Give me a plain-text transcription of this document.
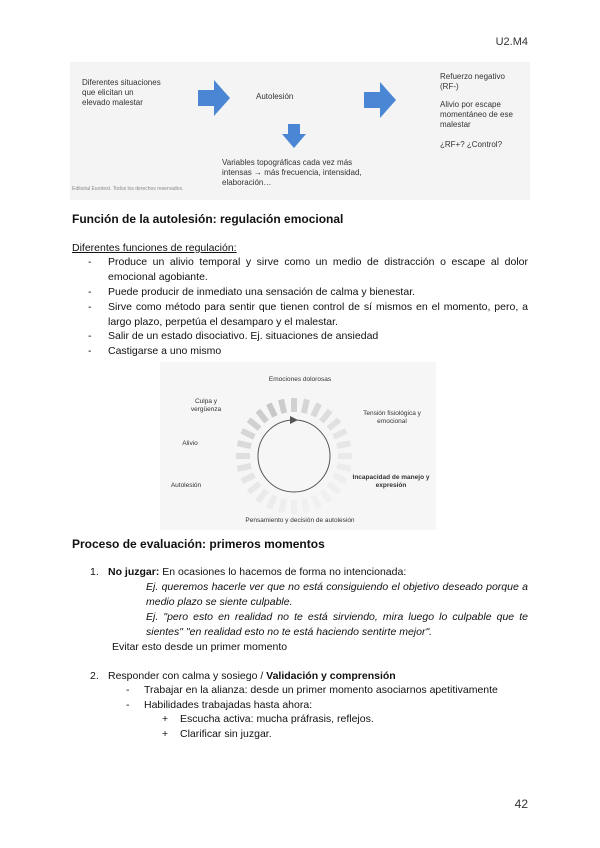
U2.M4
Diferentes situaciones que elicitan un elevado malestar
Autolesión
Refuerzo negativo
(RF-)
Alivio por escape momentáneo de ese malestar
¿RF+? ¿Control?
Variables topográficas cada vez más intensas → más frecuencia, intensidad, elaboración…
Editorial Eurotext. Todos los derechos reservados.
Función de la autolesión: regulación emocional
Diferentes funciones de regulación:
- Produce un alivio temporal y sirve como un medio de distracción o escape al dolor emocional agobiante.
- Puede producir de inmediato una sensación de calma y bienestar.
- Sirve como método para sentir que tienen control de sí mismos en el momento, pero, a largo plazo, perpetúa el desamparo y el malestar.
- Salir de un estado disociativo. Ej. situaciones de ansiedad
- Castigarse a uno mismo
Emociones dolorosas
Tensión fisiológica y emocional
Incapacidad de manejo y expresión
Pensamiento y decisión de autolesión
Autolesión
Alivio
Culpa y vergüenza
Proceso de evaluación: primeros momentos
1. No juzgar: En ocasiones lo hacemos de forma no intencionada:
Ej. queremos hacerle ver que no está consiguiendo el objetivo deseado porque a medio plazo se siente culpable.
Ej. "pero esto en realidad no te está sirviendo, mira luego lo culpable que te sientes" "en realidad esto no te está haciendo sentirte mejor".
Evitar esto desde un primer momento
2. Responder con calma y sosiego / Validación y comprensión
- Trabajar en la alianza: desde un primer momento asociarnos apetitivamente
- Habilidades trabajadas hasta ahora:
+ Escucha activa: mucha práfrasis, reflejos.
+ Clarificar sin juzgar.
42
